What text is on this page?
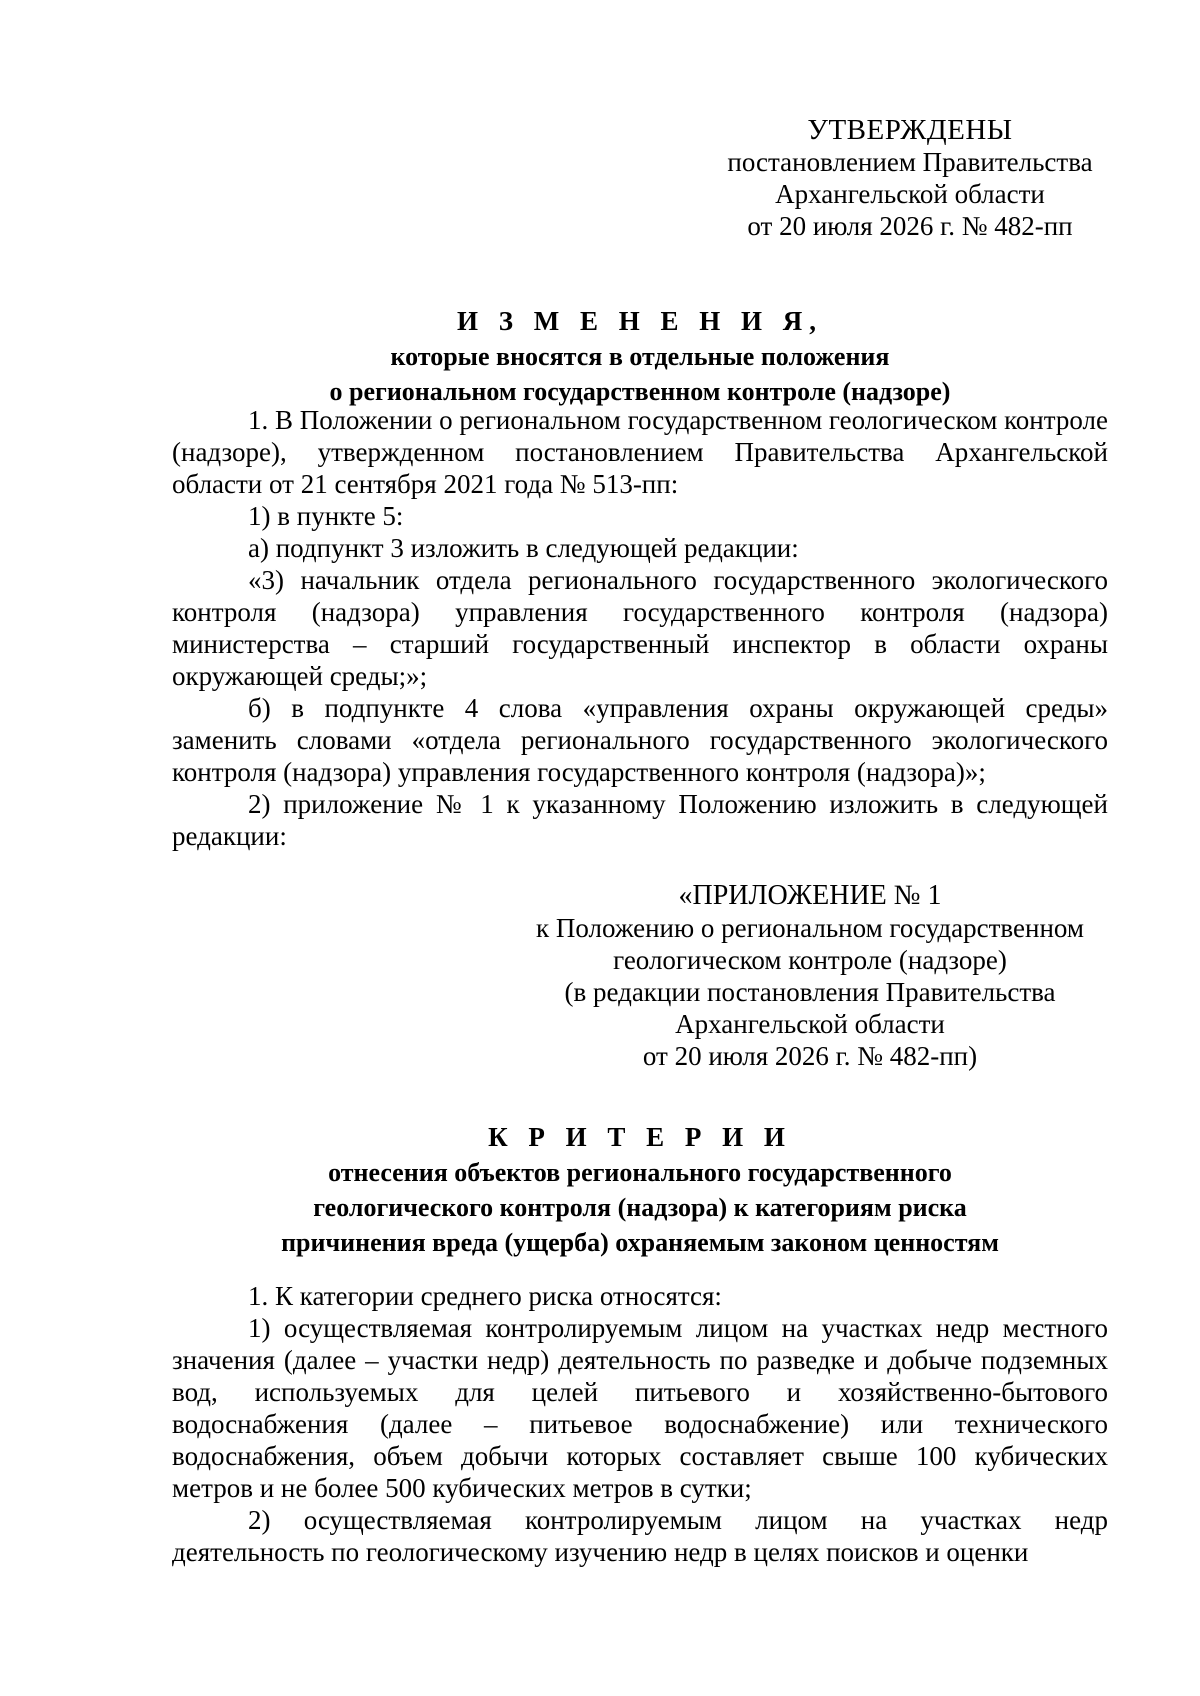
УТВЕРЖДЕНЫ
постановлением Правительства
Архангельской области
от 20 июля 2026 г. № 482-пп
И З М Е Н Е Н И Я,
которые вносятся в отдельные положения
о региональном государственном контроле (надзоре)

1. В Положении о региональном государственном геологическом контроле (надзоре), утвержденном постановлением Правительства Архангельской области от 21 сентября 2021 года № 513-пп:

1) в пункте 5:

а) подпункт 3 изложить в следующей редакции:

«3) начальник отдела регионального государственного экологического контроля (надзора) управления государственного контроля (надзора) министерства – старший государственный инспектор в области охраны окружающей среды;»;

б) в подпункте 4 слова «управления охраны окружающей среды» заменить словами «отдела регионального государственного экологического контроля (надзора) управления государственного контроля (надзора)»;

2) приложение № 1 к указанному Положению изложить в следующей редакции:

«ПРИЛОЖЕНИЕ № 1
к Положению о региональном государственном
геологическом контроле (надзоре)
(в редакции постановления Правительства
Архангельской области
от 20 июля 2026 г. № 482-пп)
К Р И Т Е Р И И
отнесения объектов регионального государственного
геологического контроля (надзора) к категориям риска
причинения вреда (ущерба) охраняемым законом ценностям

1. К категории среднего риска относятся:

1) осуществляемая контролируемым лицом на участках недр местного значения (далее – участки недр) деятельность по разведке и добыче подземных вод, используемых для целей питьевого и хозяйственно-бытового водоснабжения (далее – питьевое водоснабжение) или технического водоснабжения, объем добычи которых составляет свыше 100 кубических метров и не более 500 кубических метров в сутки;

2) осуществляемая контролируемым лицом на участках недр деятельность по геологическому изучению недр в целях поисков и оценки
